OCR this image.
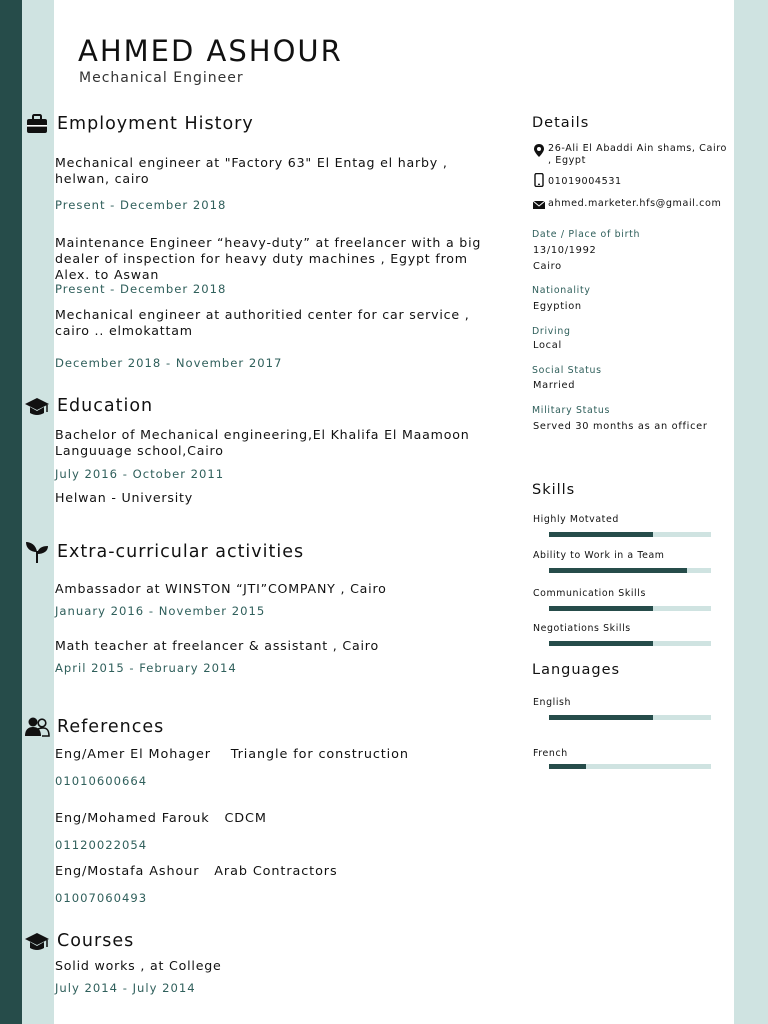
AHMED ASHOUR
Mechanical Engineer
Employment History
Mechanical engineer at "Factory 63" El Entag el harby , helwan, cairo
Present - December 2018
Maintenance Engineer “heavy-duty” at freelancer with a big dealer of inspection for heavy duty machines , Egypt from Alex. to Aswan
Present - December 2018
Mechanical engineer at authoritied center for car service , cairo .. elmokattam
December 2018 - November 2017
Education
Bachelor of Mechanical engineering,El Khalifa El Maamoon Languuage school,Cairo
July 2016 - October 2011
Helwan - University
Extra-curricular activities
Ambassador at WINSTON “JTI”COMPANY , Cairo
January 2016 - November 2015
Math teacher at freelancer & assistant , Cairo
April 2015 - February 2014
References
Eng/Amer El Mohager    Triangle for construction
01010600664
Eng/Mohamed Farouk   CDCM
01120022054
Eng/Mostafa Ashour   Arab Contractors
01007060493
Courses
Solid works , at College
July 2014 - July 2014
Details
26-Ali El Abaddi Ain shams, Cairo , Egypt
01019004531
ahmed.marketer.hfs@gmail.com
Date / Place of birth
13/10/1992
Cairo
Nationality
Egyption
Driving
Local
Social Status
Married
Military Status
Served 30 months as an officer
Skills
Highly Motvated
Ability to Work in a Team
Communication Skills
Negotiations Skills
Languages
English
French
